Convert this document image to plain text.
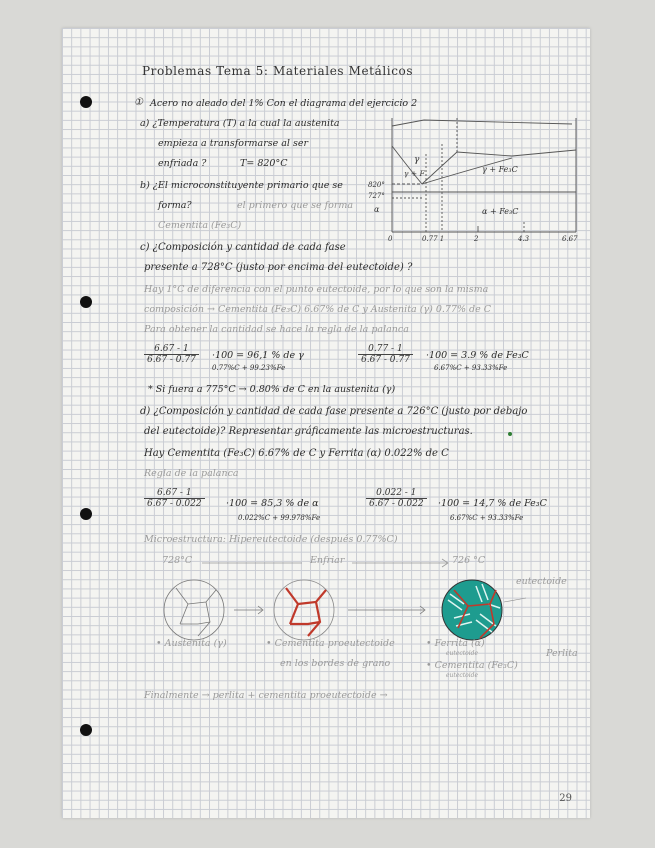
Problemas Tema 5: Materiales Metálicos
① Acero no aleado del 1% Con el diagrama del ejercicio 2
a) ¿Temperatura (T) a la cual la austenita
empieza a transformarse al ser
enfriada ?	T= 820°C
b) ¿El microconstituyente primario que se
forma?	el primero que se forma
Cementita (Fe₃C)
γ
γ + F	γ + Fe₃C
α + Fe₃C
α
820°
727°
0	0.77 1	2	4.3	6.67
c) ¿Composición y cantidad de cada fase
presente a 728°C (justo por encima del eutectoide) ?
Hay 1°C de diferencia con el punto eutectoide, por lo que son la misma
composición → Cementita (Fe₃C) 6.67% de C y Austenita (γ) 0.77% de C
Para obtener la cantidad se hace la regla de la palanca
$\frac{6.67 - 1}{6.67 - 0.77} \cdot 100 = 96,1$ % de γ
0.77%C + 99.23%Fe
$\frac{0.77 - 1}{6.67 - 0.77} \cdot 100 = 3.9$ % de Fe₃C
6.67%C + 93.33%Fe
* Si fuera a 775°C → 0.80% de C en la austenita (γ)
d) ¿Composición y cantidad de cada fase presente a 726°C (justo por debajo
del eutectoide)? Representar gráficamente las microestructuras.
Hay Cementita (Fe₃C) 6.67% de C y Ferrita (α) 0.022% de C
Regla de la palanca
$\frac{6.67 - 1}{6.67 - 0.022} \cdot 100 = 85,3$ % de α
0.022%C + 99.978%Fe
$\frac{0.022 - 1}{6.67 - 0.022} \cdot 100 = 14,7$ % de Fe₃C
6.67%C + 93.33%Fe
Microestructura: Hipereutectoide (después 0.77%C)
728°C	Enfriar	726 °C
eutectoide
• Austenita (γ)	• Cementita proeutectoide
en los bordes de grano
• Ferrita (α)
eutectoide
• Cementita (Fe₃C)
eutectoide
Perlita
Finalmente → perlita + cementita proeutectoide →
29
